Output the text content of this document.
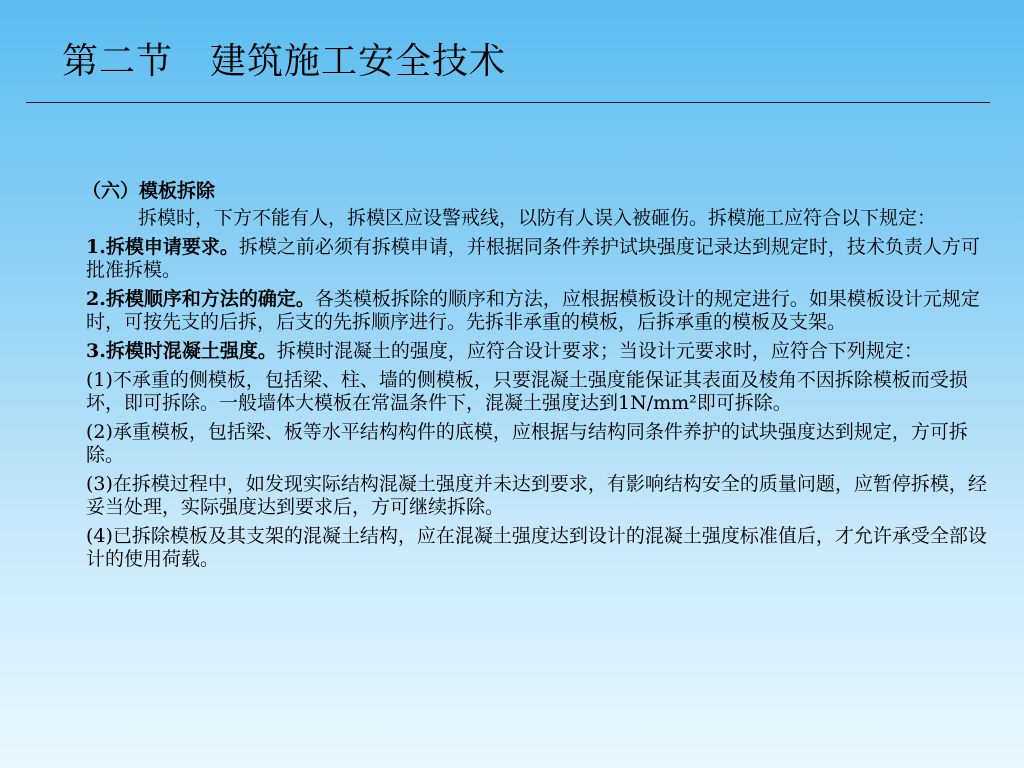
第二节　建筑施工安全技术

（六）模板拆除

拆模时，下方不能有人，拆模区应设警戒线，以防有人误入被砸伤。拆模施工应符合以下规定：

1.拆模申请要求。拆模之前必须有拆模申请，并根据同条件养护试块强度记录达到规定时，技术负责人方可批准拆模。

2.拆模顺序和方法的确定。各类模板拆除的顺序和方法，应根据模板设计的规定进行。如果模板设计元规定时，可按先支的后拆，后支的先拆顺序进行。先拆非承重的模板，后拆承重的模板及支架。

3.拆模时混凝土强度。拆模时混凝土的强度，应符合设计要求；当设计元要求时，应符合下列规定：

(1)不承重的侧模板，包括梁、柱、墙的侧模板，只要混凝土强度能保证其表面及棱角不因拆除模板而受损坏，即可拆除。一般墙体大模板在常温条件下，混凝土强度达到1N/mm²即可拆除。

(2)承重模板，包括梁、板等水平结构构件的底模，应根据与结构同条件养护的试块强度达到规定，方可拆除。

(3)在拆模过程中，如发现实际结构混凝土强度并未达到要求，有影响结构安全的质量问题，应暂停拆模，经妥当处理，实际强度达到要求后，方可继续拆除。

(4)已拆除模板及其支架的混凝土结构，应在混凝土强度达到设计的混凝土强度标准值后，才允许承受全部设计的使用荷载。
